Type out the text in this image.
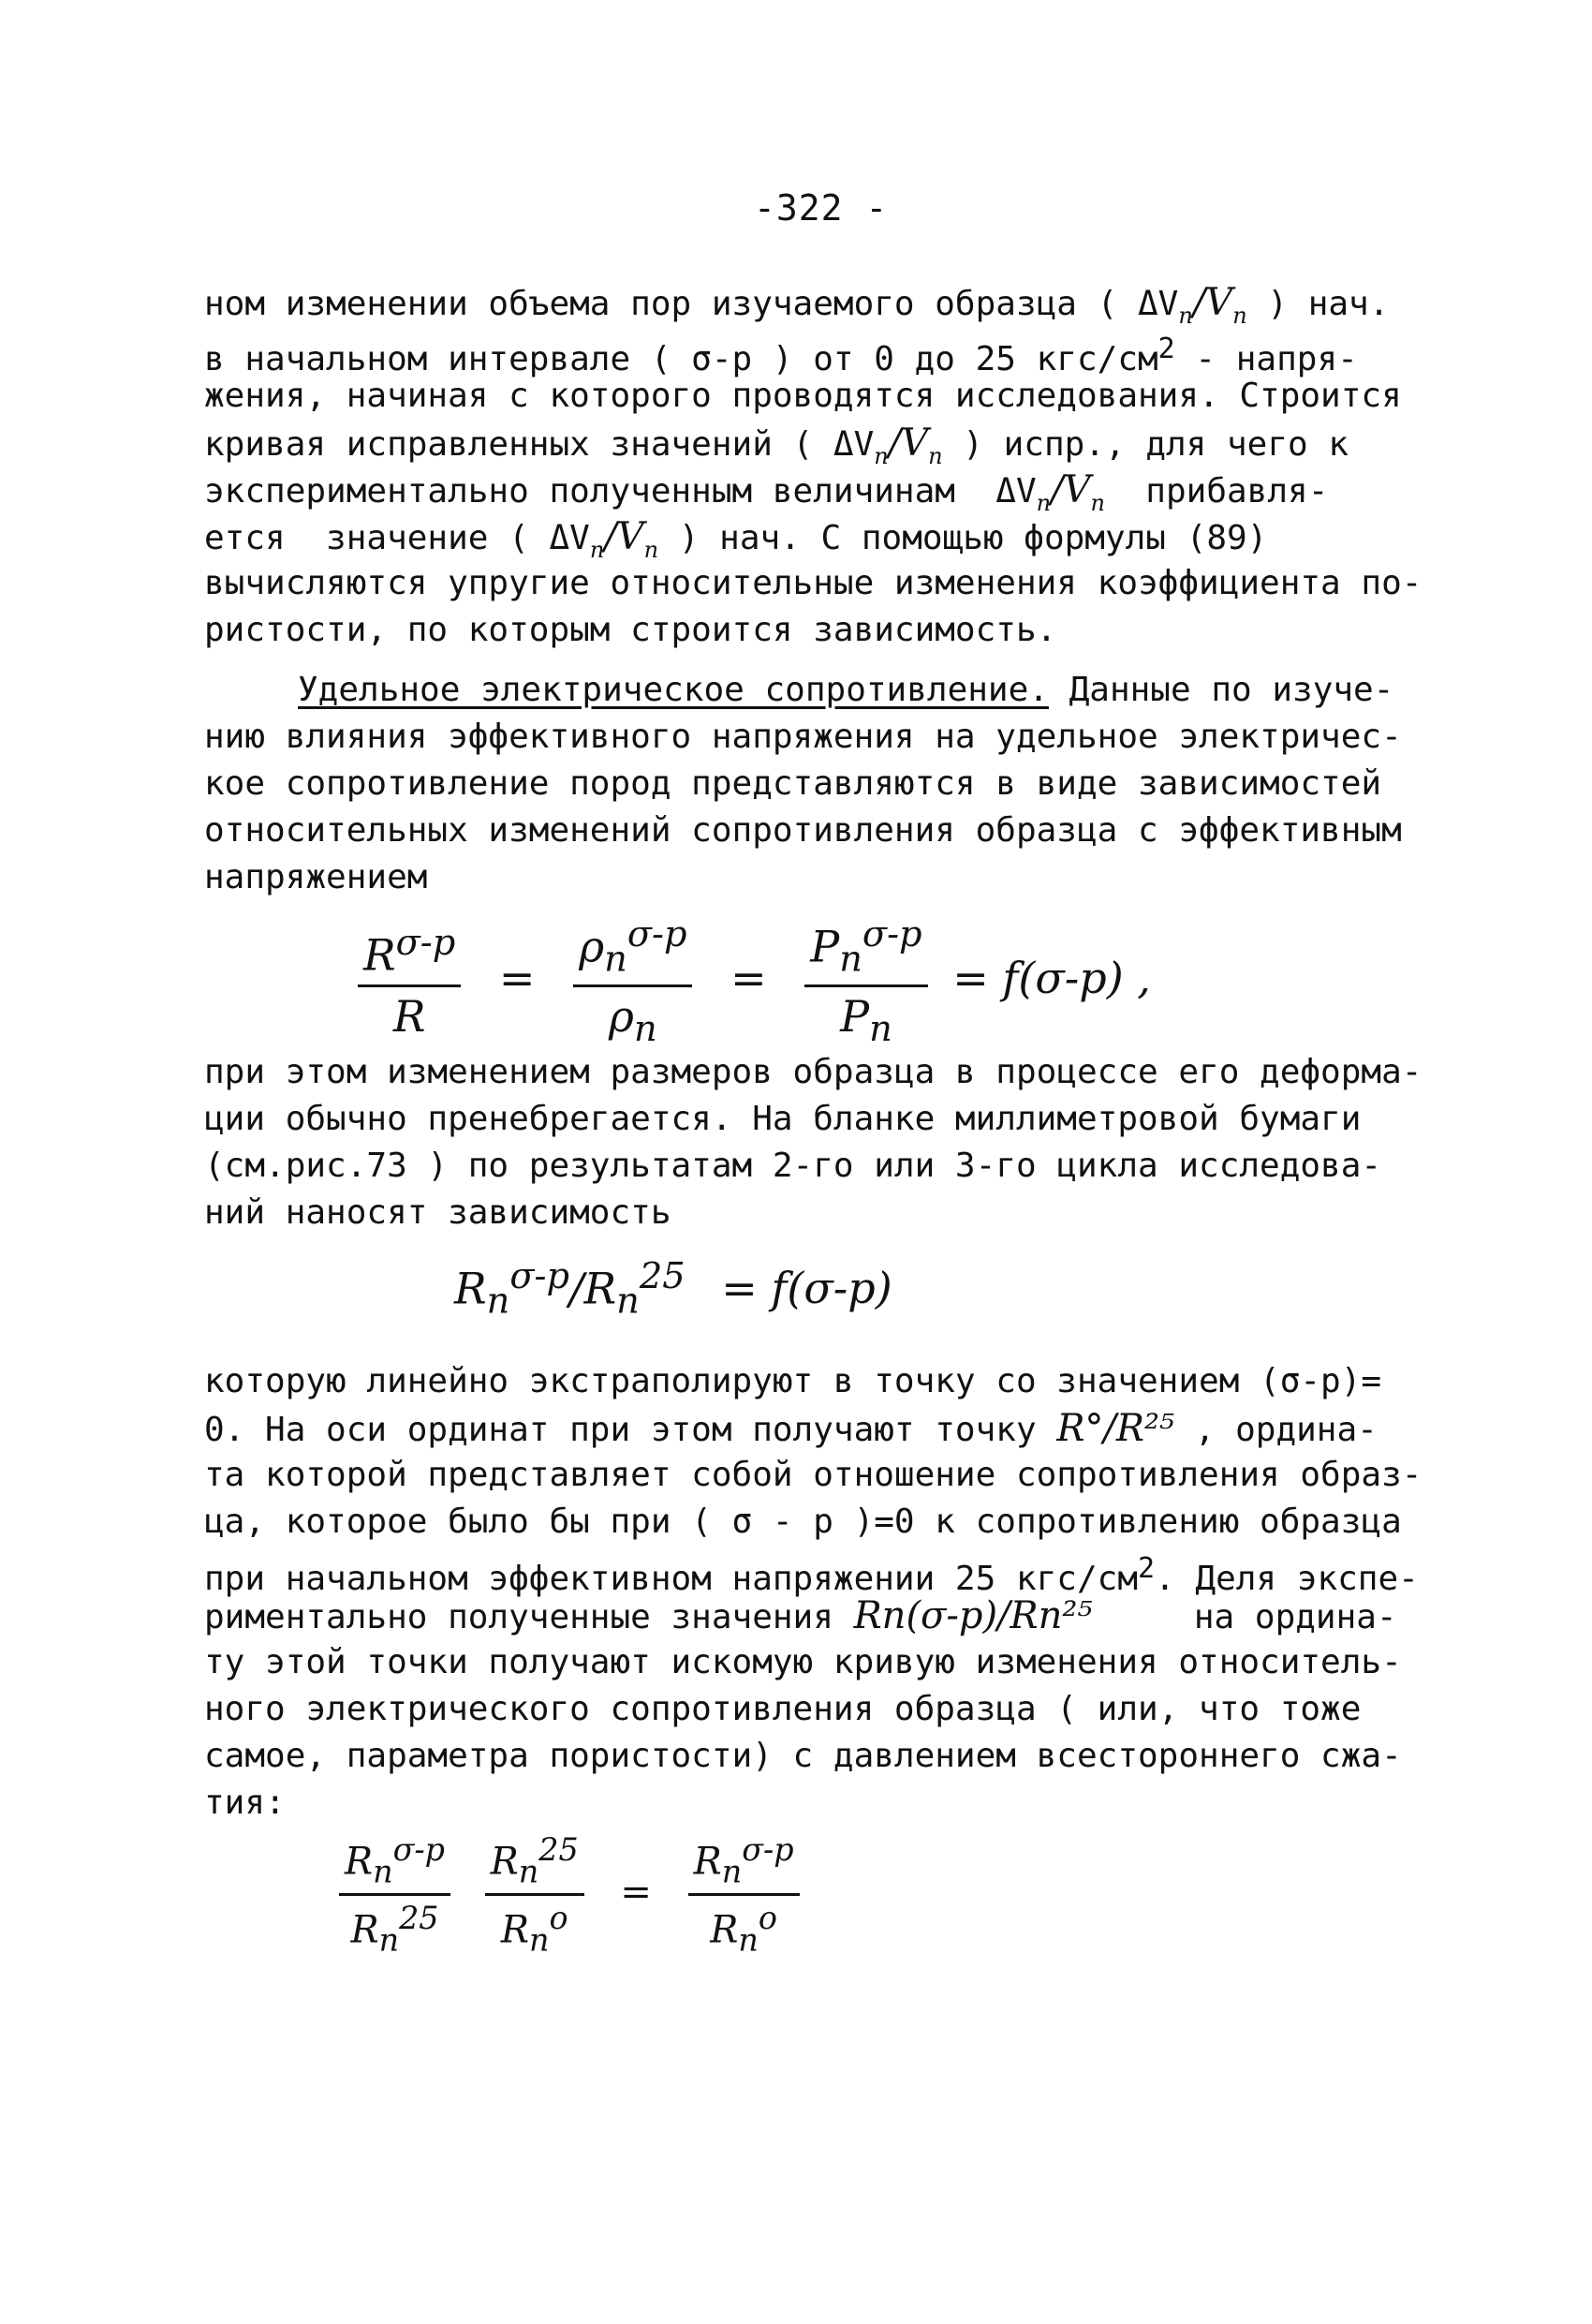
-322 -
ном изменении объема пор изучаемого образца ( $\Delta V_п/V_п$ ) нач.
в начальном интервале ( σ-p ) от 0 до 25 кгс/$см^2$ - напря-
жения, начиная с которого проводятся исследования. Строится
кривая исправленных значений ( $\Delta V_п/V_п$ ) испр., для чего к
экспериментально полученным величинам  $\Delta V_п/V_п$  прибавля-
ется  значение ( $\Delta V_п/V_п$ ) нач. С помощью формулы (89)
вычисляются упругие относительные изменения коэффициента по-
ристости, по которым строится зависимость.
Удельное электрическое сопротивление. Данные по изуче-
нию влияния эффективного напряжения на удельное электричес-
кое сопротивление пород представляются в виде зависимостей
относительных изменений сопротивления образца с эффективным
напряжением
$\frac{R^{\sigma-p}}{R} = \frac{\rho_п^{\sigma-p}}{\rho_п} = \frac{P_п^{\sigma-p}}{P_п} = f(\sigma-p)$ ,
при этом изменением размеров образца в процессе его деформа-
ции обычно пренебрегается. На бланке миллиметровой бумаги
(см.рис.73 ) по результатам 2-го или 3-го цикла исследова-
ний наносят зависимость
$R_п^{\sigma-p}/R_п^{25} = f(\sigma-p)$
которую линейно экстраполируют в точку со значением (σ-p)=
0. На оси ординат при этом получают точку R°/R²⁵ , ордина-
та которой представляет собой отношение сопротивления образ-
ца, которое было бы при ( σ - p )=0 к сопротивлению образца
при начальном эффективном напряжении 25 кгс/$см^2$. Деля экспе-
риментально полученные значения Rп(σ-p)/Rп²⁵     на ордина-
ту этой точки получают искомую кривую изменения относитель-
ного электрического сопротивления образца ( или, что тоже
самое, параметра пористости) с давлением всестороннего сжа-
тия:
$\frac{R_п^{\sigma-p}}{R_п^{25}}$
$\frac{R_п^{25}}{R_п^o} = \frac{R_п^{\sigma-p}}{R_п^o}$
